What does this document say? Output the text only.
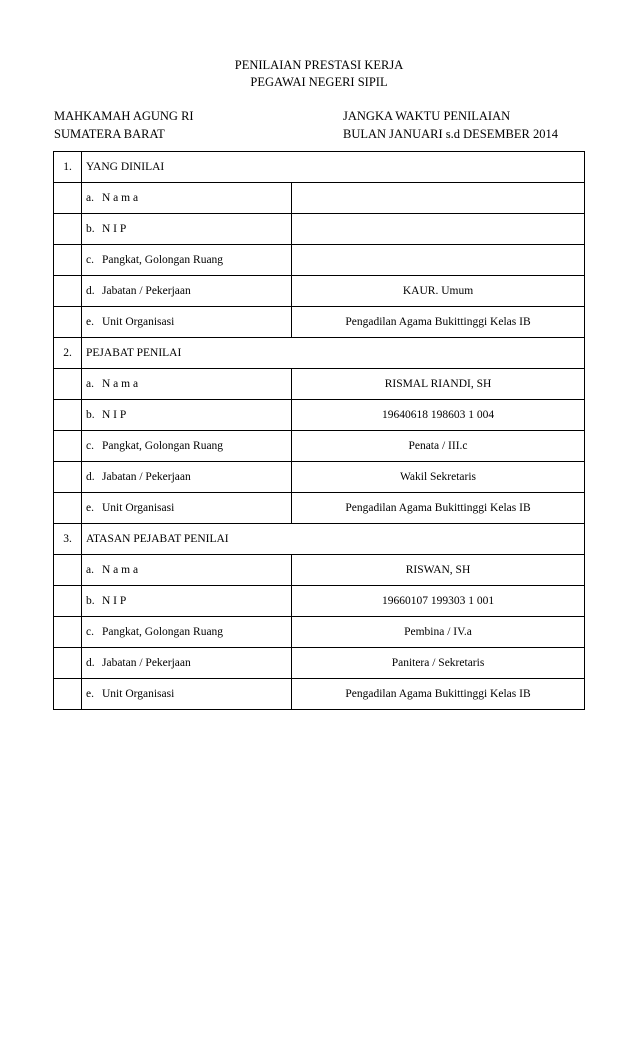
PENILAIAN PRESTASI KERJA
PEGAWAI NEGERI SIPIL
MAHKAMAH AGUNG RI
SUMATERA BARAT
JANGKA WAKTU PENILAIAN
BULAN JANUARI s.d DESEMBER 2014
1.	YANG DINILAI	
	a. N a m a	
	b. N I P	
	c. Pangkat, Golongan Ruang	
	d. Jabatan / Pekerjaan	KAUR. Umum
	e. Unit Organisasi	Pengadilan Agama Bukittinggi Kelas IB
2.	PEJABAT PENILAI	
	a. N a m a	RISMAL RIANDI, SH
	b. N I P	19640618 198603 1 004
	c. Pangkat, Golongan Ruang	Penata / III.c
	d. Jabatan / Pekerjaan	Wakil Sekretaris
	e. Unit Organisasi	Pengadilan Agama Bukittinggi Kelas IB
3.	ATASAN PEJABAT PENILAI	
	a. N a m a	RISWAN, SH
	b. N I P	19660107 199303 1 001
	c. Pangkat, Golongan Ruang	Pembina / IV.a
	d. Jabatan / Pekerjaan	Panitera / Sekretaris
	e. Unit Organisasi	Pengadilan Agama Bukittinggi Kelas IB
